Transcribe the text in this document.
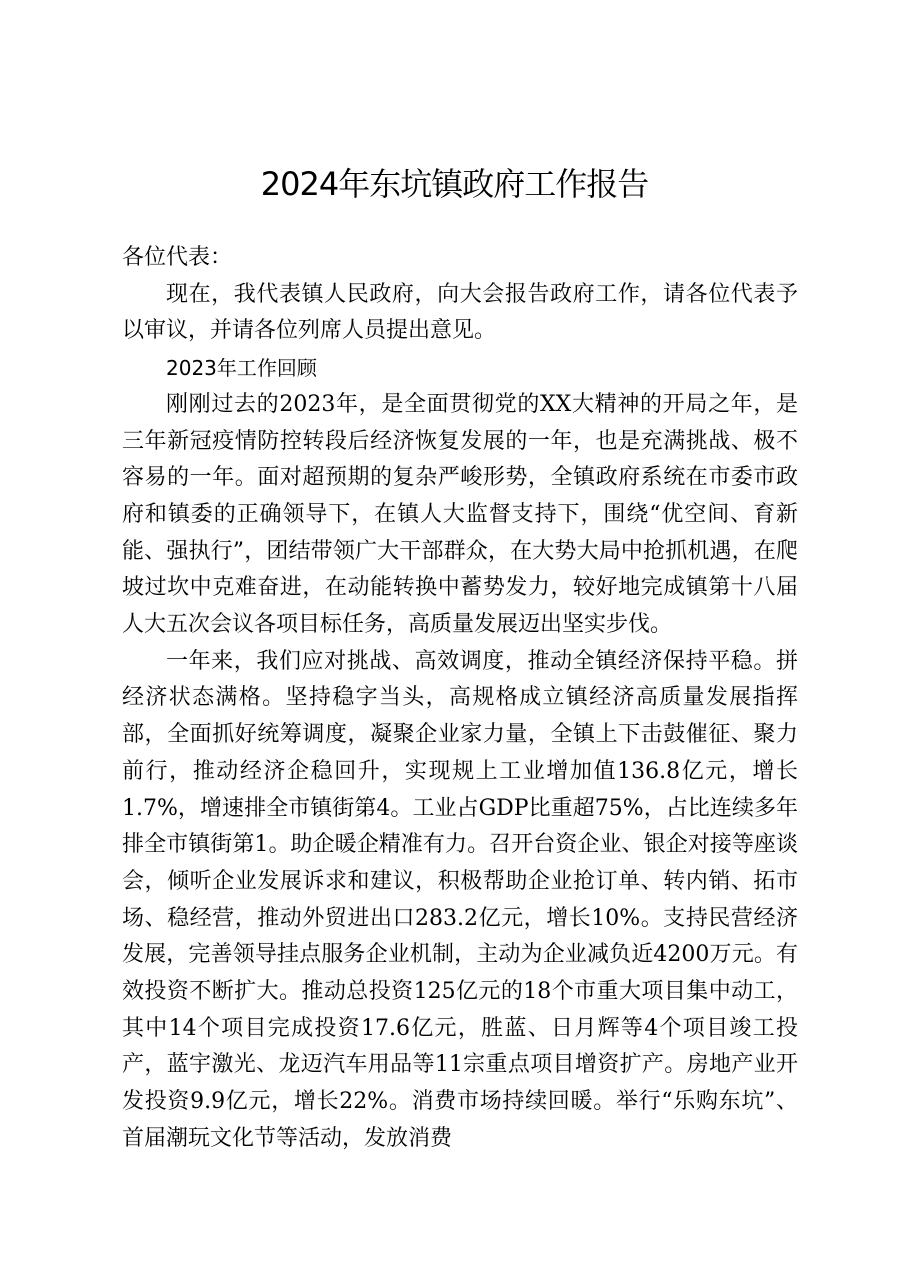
2024年东坑镇政府工作报告

各位代表：

现在，我代表镇人民政府，向大会报告政府工作，请各位代表予以审议，并请各位列席人员提出意见。

2023年工作回顾

刚刚过去的2023年，是全面贯彻党的XX大精神的开局之年，是三年新冠疫情防控转段后经济恢复发展的一年，也是充满挑战、极不容易的一年。面对超预期的复杂严峻形势，全镇政府系统在市委市政府和镇委的正确领导下，在镇人大监督支持下，围绕“优空间、育新能、强执行”，团结带领广大干部群众，在大势大局中抢抓机遇，在爬坡过坎中克难奋进，在动能转换中蓄势发力，较好地完成镇第十八届人大五次会议各项目标任务，高质量发展迈出坚实步伐。

一年来，我们应对挑战、高效调度，推动全镇经济保持平稳。拼经济状态满格。坚持稳字当头，高规格成立镇经济高质量发展指挥部，全面抓好统筹调度，凝聚企业家力量，全镇上下击鼓催征、聚力前行，推动经济企稳回升，实现规上工业增加值136.8亿元，增长1.7%，增速排全市镇街第4。工业占GDP比重超75%，占比连续多年排全市镇街第1。助企暖企精准有力。召开台资企业、银企对接等座谈会，倾听企业发展诉求和建议，积极帮助企业抢订单、转内销、拓市场、稳经营，推动外贸进出口283.2亿元，增长10%。支持民营经济发展，完善领导挂点服务企业机制，主动为企业减负近4200万元。有效投资不断扩大。推动总投资125亿元的18个市重大项目集中动工，其中14个项目完成投资17.6亿元，胜蓝、日月辉等4个项目竣工投产，蓝宇激光、龙迈汽车用品等11宗重点项目增资扩产。房地产业开发投资9.9亿元，增长22%。消费市场持续回暖。举行“乐购东坑”、首届潮玩文化节等活动，发放消费
